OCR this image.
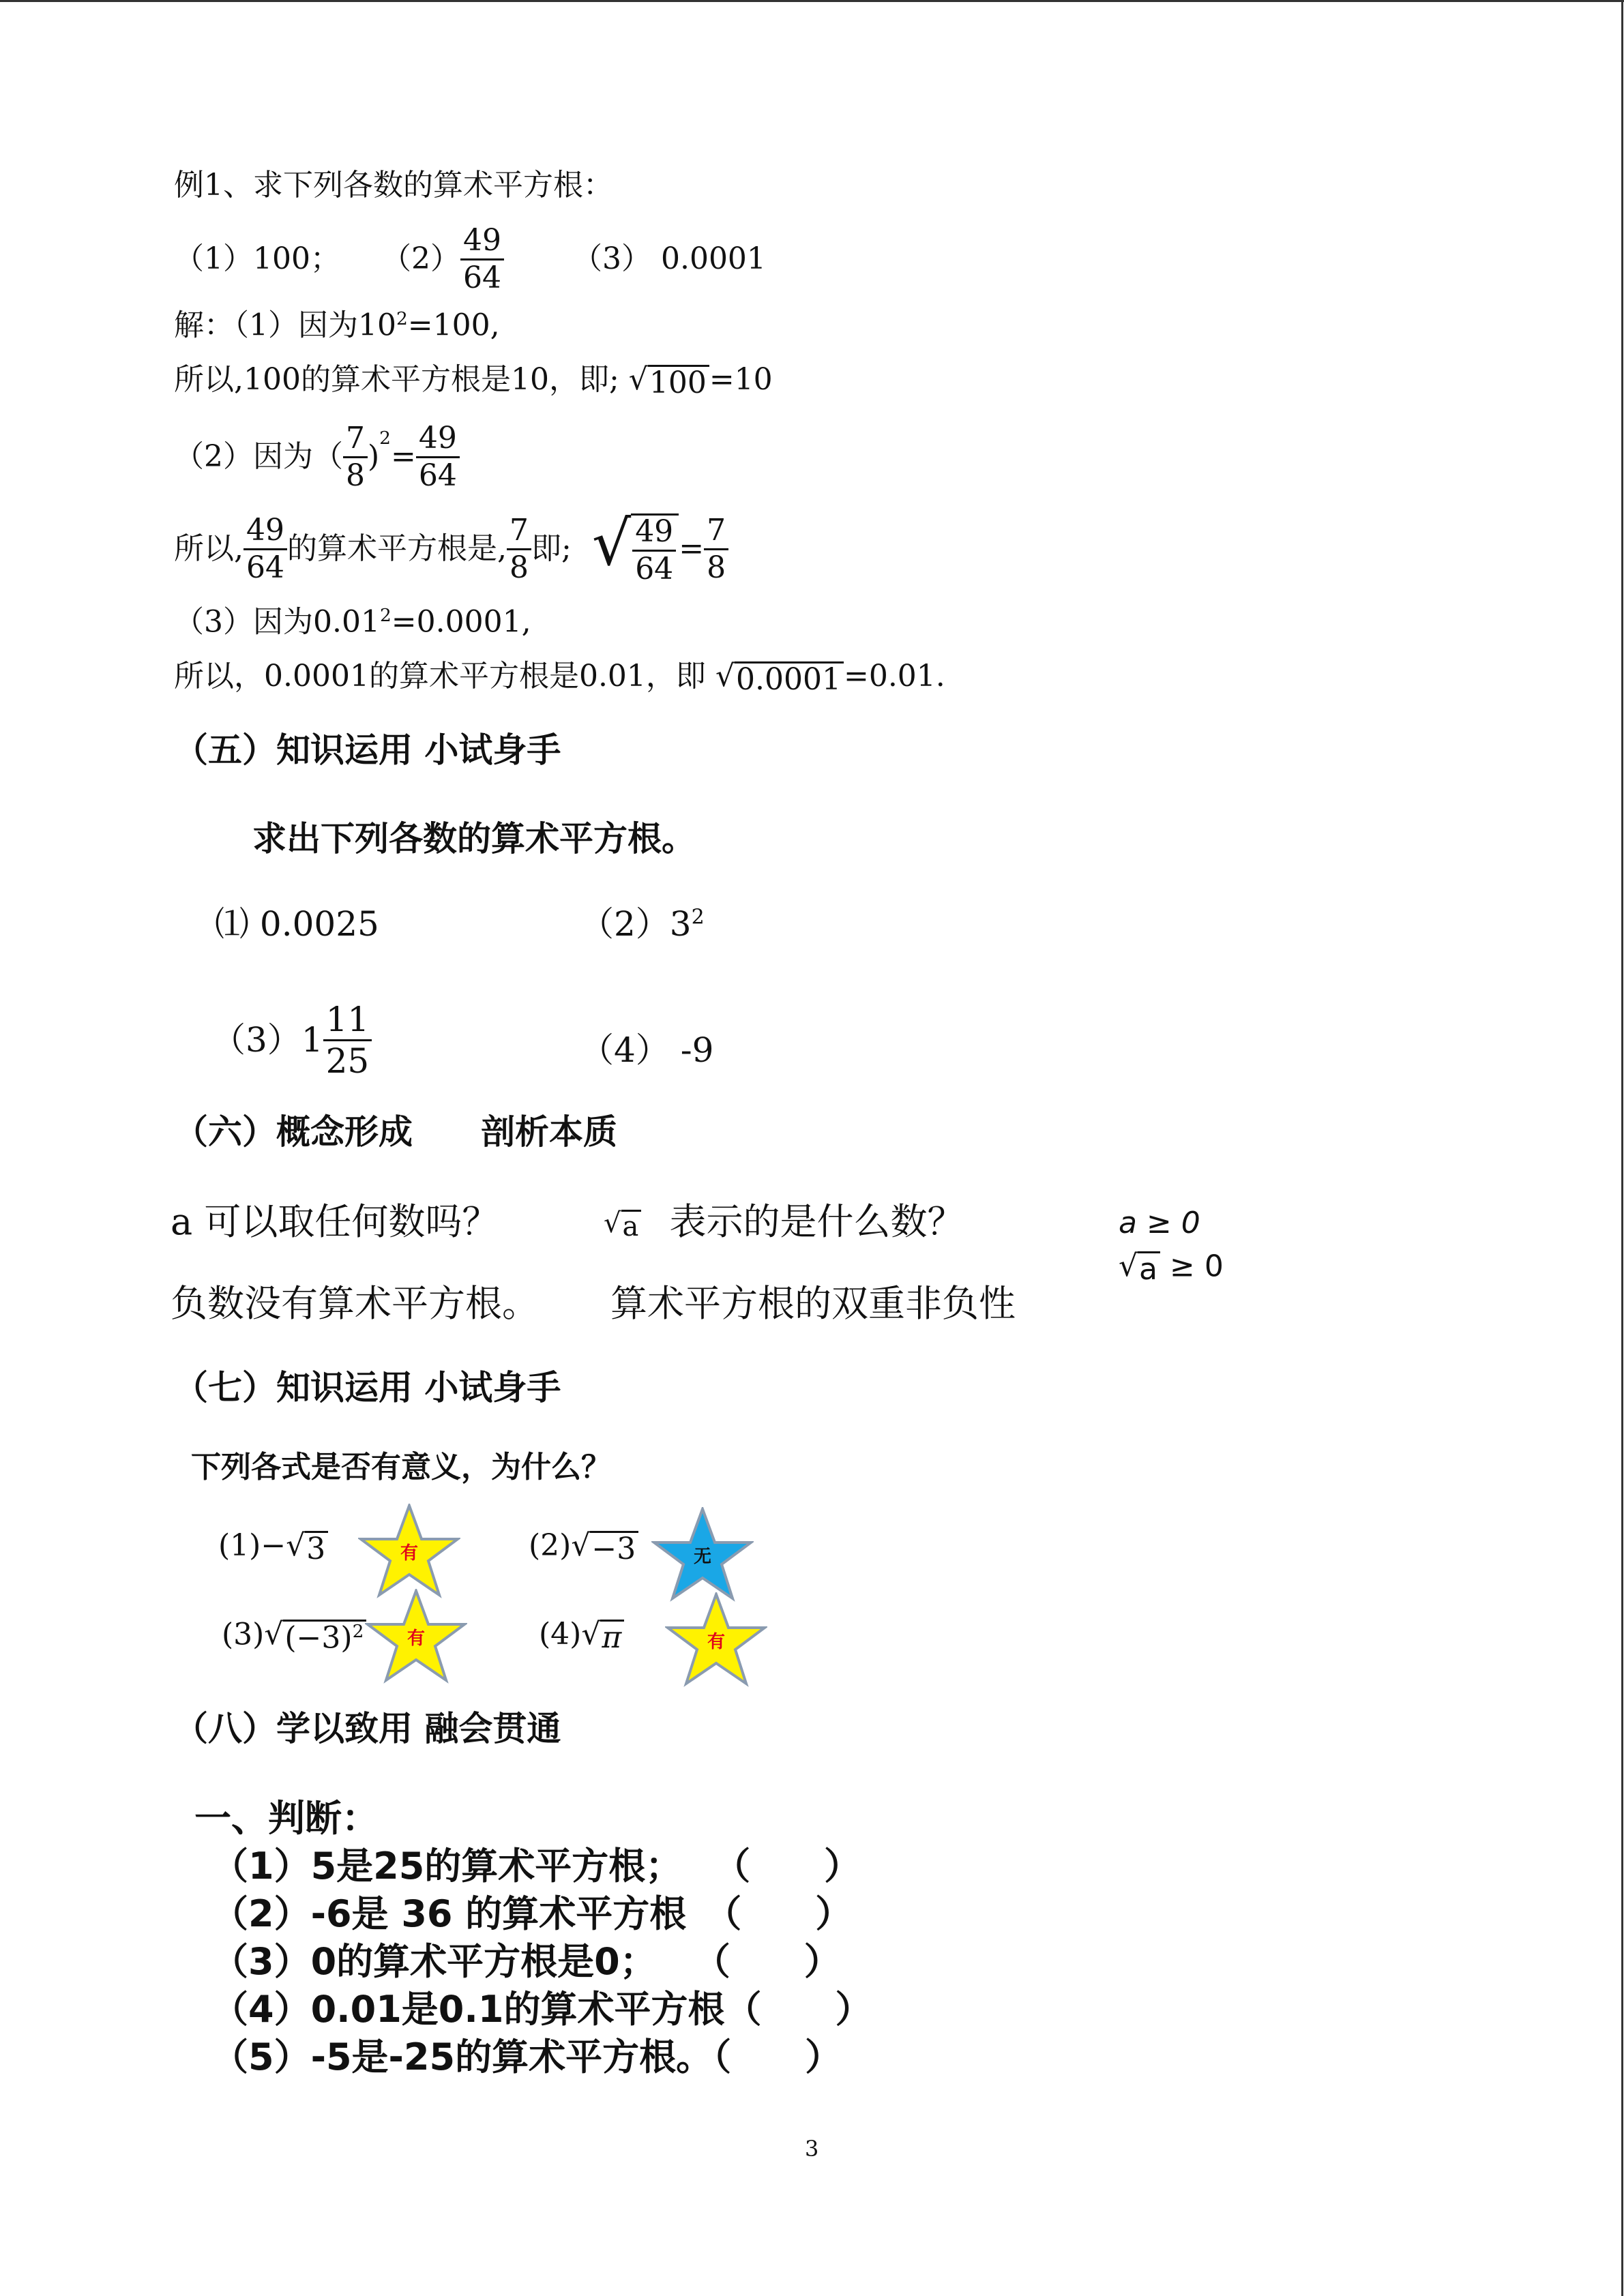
例1、求下列各数的算术平方根：
（1）100； $(2) \frac{49}{64} (3)$ 0.0001
解：（1）因为$10^2=100$,
所以,100的算术平方根是10，即; √ 100 =10
（2）因为（ $\frac{7}{8}$ )
2
= $\frac{49}{64}$
所以, $\frac{49}{64}$ 的算术平方根是, $\frac{7}{8}$ 即; √ $\frac{49}{64} = \frac{7}{8}$
（3）因为$0.01^2=0.0001$,
所以，0.0001的算术平方根是0.01，即 √ 0.0001 =0.01.
（五）知识运用 小试身手
求出下列各数的算术平方根。
⑴ 0.0025	$(2)3^2$
$(3)1 \frac{11}{25}$	（4） -9
（六）概念形成　　剖析本质
a 可以取任何数吗？	√ a 表示的是什么数？	a ≥ 0
√ a ≥ 0
负数没有算术平方根。 算术平方根的双重非负性
（七）知识运用 小试身手
下列各式是否有意义，为什么？
(1)− √ 3	有	(2) √ −3	无
(3) √ $(-3)^2$	有	(4) √ π	有
（八）学以致用 融会贯通
一、判断：
（1）5是25的算术平方根；　 （　　）
（2）-6是 36 的算术平方根　（　　）
（3）0的算术平方根是0；　　（　　）
（4）0.01是0.1的算术平方根（　　）
（5）-5是-25的算术平方根。（　　）
3
